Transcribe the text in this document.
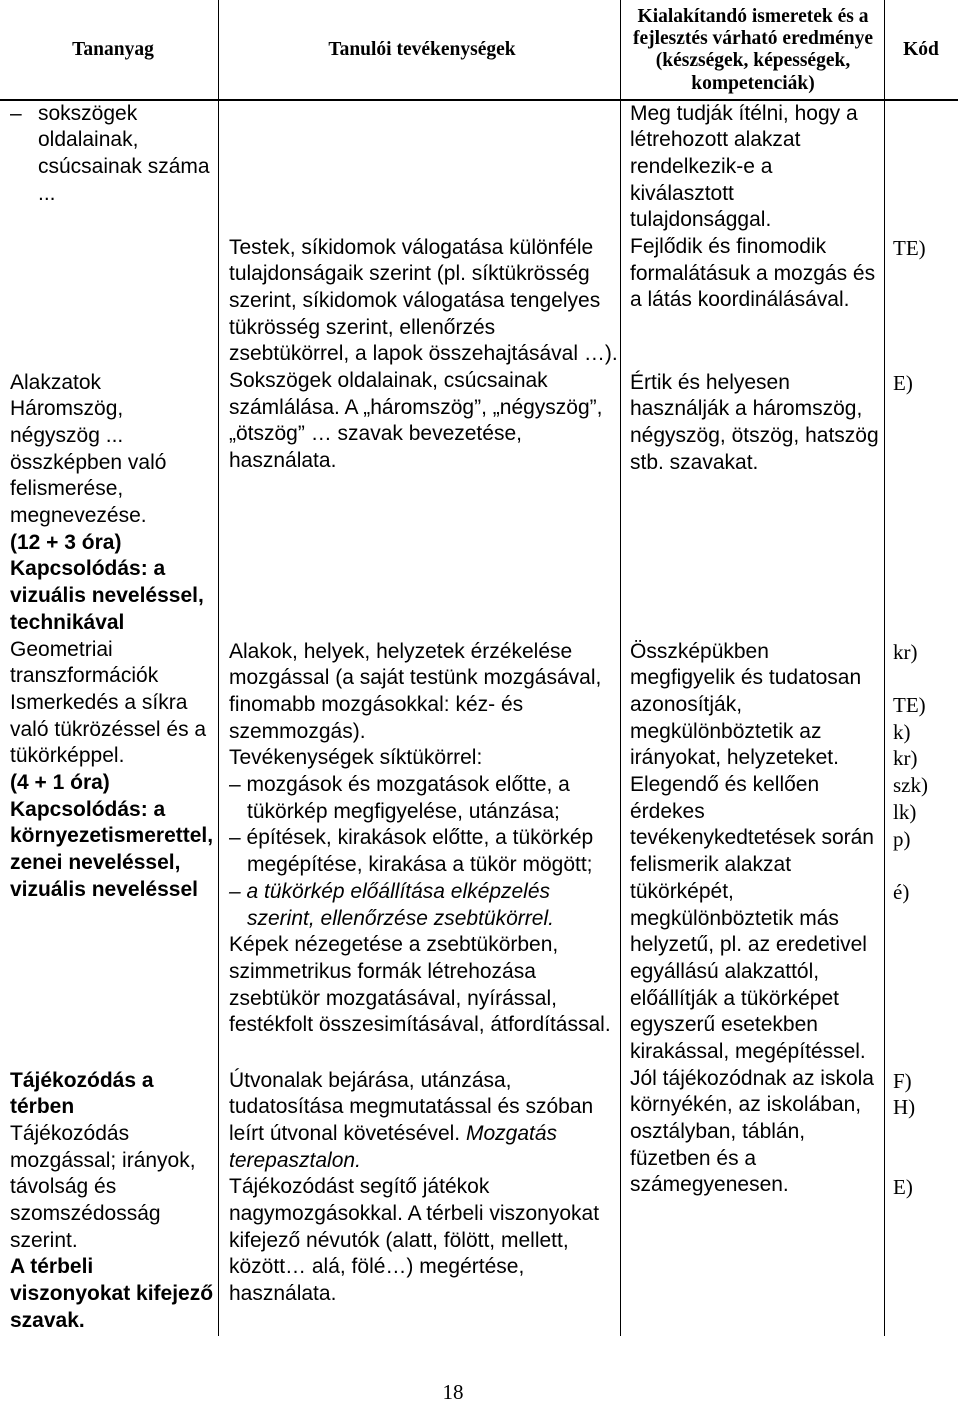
Tananyag	Tanulói tevékenységek
Kialakítandó ismeretek és a
fejlesztés várható eredménye
(készségek, képességek,
kompetenciák)
Kód
– sokszögek
oldalainak,
csúcsainak száma
...
Alakzatok
Háromszög,
négyszög ...
összképben való
felismerése,
megnevezése.
(12 + 3 óra)
Kapcsolódás: a
vizuális neveléssel,
technikával
Geometriai
transzformációk
Ismerkedés a síkra
való tükrözéssel és a
tükörképpel.
(4 + 1 óra)
Kapcsolódás: a
környezetismerettel,
zenei neveléssel,
vizuális neveléssel
Tájékozódás a
térben
Tájékozódás
mozgással; irányok,
távolság és
szomszédosság
szerint.
A térbeli
viszonyokat kifejező
szavak.
Testek, síkidomok válogatása különféle
tulajdonságaik szerint (pl. síktükrösség
szerint, síkidomok válogatása tengelyes
tükrösség szerint, ellenőrzés
zsebtükörrel, a lapok összehajtásával …).
Sokszögek oldalainak, csúcsainak
számlálása. A „háromszög”, „négyszög”,
„ötszög” … szavak bevezetése,
használata.
Alakok, helyek, helyzetek érzékelése
mozgással (a saját testünk mozgásával,
finomabb mozgásokkal: kéz- és
szemmozgás).
Tevékenységek síktükörrel:
– mozgások és mozgatások előtte, a
tükörkép megfigyelése, utánzása;
– építések, kirakások előtte, a tükörkép
megépítése, kirakása a tükör mögött;
– a tükörkép előállítása elképzelés
szerint, ellenőrzése zsebtükörrel.
Képek nézegetése a zsebtükörben,
szimmetrikus formák létrehozása
zsebtükör mozgatásával, nyírással,
festékfolt összesimításával, átfordítással.
Útvonalak bejárása, utánzása,
tudatosítása megmutatással és szóban
leírt útvonal követésével. Mozgatás
terepasztalon.
Tájékozódást segítő játékok
nagymozgásokkal. A térbeli viszonyokat
kifejező névutók (alatt, fölött, mellett,
között… alá, fölé…) megértése,
használata.
Meg tudják ítélni, hogy a
létrehozott alakzat
rendelkezik-e a
kiválasztott
tulajdonsággal.
Fejlődik és finomodik
formalátásuk a mozgás és
a látás koordinálásával.
Értik és helyesen
használják a háromszög,
négyszög, ötszög, hatszög
stb. szavakat.
Összképükben
megfigyelik és tudatosan
azonosítják,
megkülönböztetik az
irányokat, helyzeteket.
Elegendő és kellően
érdekes
tevékenykedtetések során
felismerik alakzat
tükörképét,
megkülönböztetik más
helyzetű, pl. az eredetivel
egyállású alakzattól,
előállítják a tükörképet
egyszerű esetekben
kirakással, megépítéssel.
Jól tájékozódnak az iskola
környékén, az iskolában,
osztályban, táblán,
füzetben és a
számegyenesen.
TE)
E)
kr)
TE)
k)
kr)
szk)
lk)
p)
é)
F)
H)
E)
18
